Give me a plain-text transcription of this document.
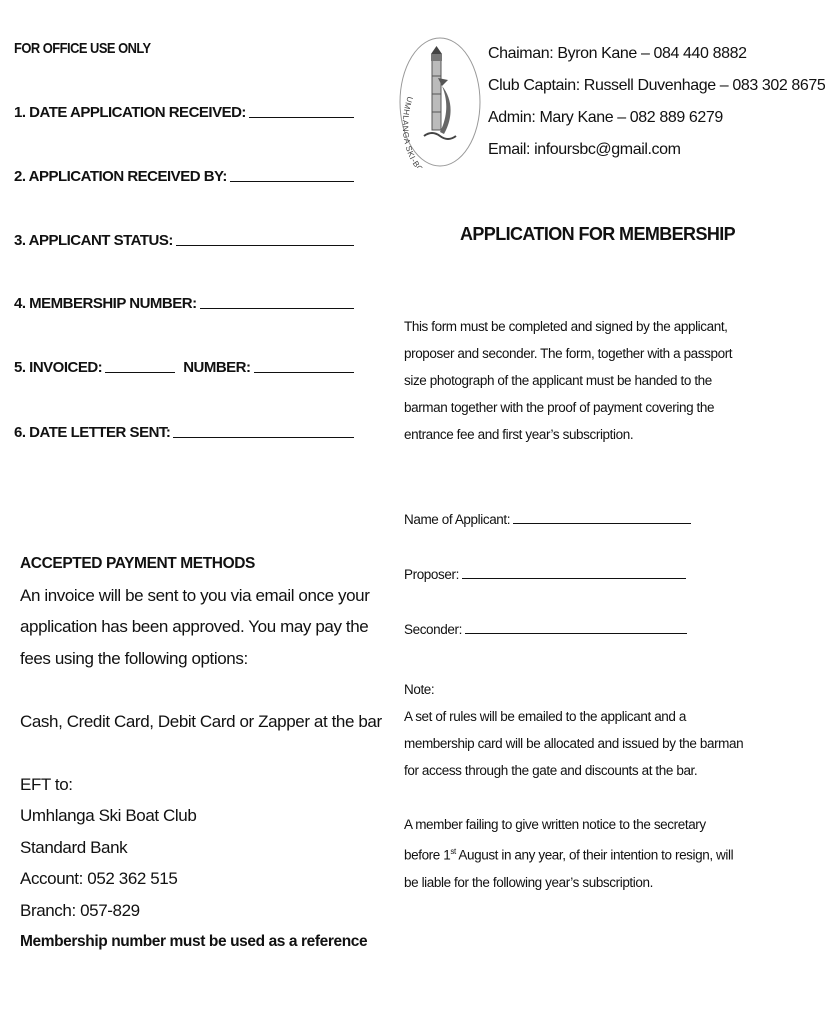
FOR OFFICE USE ONLY
1. DATE APPLICATION RECEIVED:
2. APPLICATION RECEIVED BY:
3. APPLICANT STATUS:
4. MEMBERSHIP NUMBER:
5. INVOICED:	NUMBER:
6. DATE LETTER SENT:
UMHLANGA SKI-B
Chaiman: Byron Kane – 084 440 8882
Club Captain: Russell Duvenhage – 083 302 8675
Admin: Mary Kane – 082 889 6279
Email: infoursbc@gmail.com
APPLICATION FOR MEMBERSHIP
This form must be completed and signed by the applicant, proposer and seconder. The form, together with a passport size photograph of the applicant must be handed to the barman together with the proof of payment covering the entrance fee and first year’s subscription.
Name of Applicant:
Proposer:
Seconder:

Note:

A set of rules will be emailed to the applicant and a membership card will be allocated and issued by the barman for access through the gate and discounts at the bar.

A member failing to give written notice to the secretary before 1st August in any year, of their intention to resign, will be liable for the following year’s subscription.

ACCEPTED PAYMENT METHODS

An invoice will be sent to you via email once your application has been approved. You may pay the fees using the following options:

Cash, Credit Card, Debit Card or Zapper at the bar

EFT to:

Umhlanga Ski Boat Club

Standard Bank

Account: 052 362 515

Branch: 057-829

Membership number must be used as a reference
